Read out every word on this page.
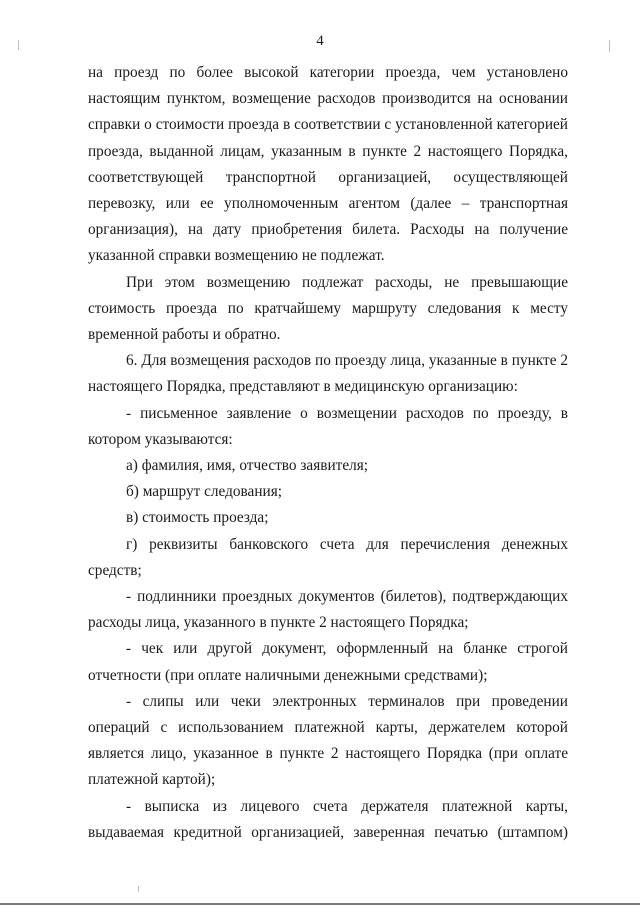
4

на проезд по более высокой категории проезда, чем установлено настоящим пунктом, возмещение расходов производится на основании справки о стоимости проезда в соответствии с установленной категорией проезда, выданной лицам, указанным в пункте 2 настоящего Порядка, соответствующей транспортной организацией, осуществляющей перевозку, или ее уполномоченным агентом (далее – транспортная организация), на дату приобретения билета. Расходы на получение указанной справки возмещению не подлежат.

При этом возмещению подлежат расходы, не превышающие стоимость проезда по кратчайшему маршруту следования к месту временной работы и обратно.

6. Для возмещения расходов по проезду лица, указанные в пункте 2 настоящего Порядка, представляют в медицинскую организацию:

- письменное заявление о возмещении расходов по проезду, в котором указываются:

а) фамилия, имя, отчество заявителя;

б) маршрут следования;

в) стоимость проезда;

г) реквизиты банковского счета для перечисления денежных средств;

- подлинники проездных документов (билетов), подтверждающих расходы лица, указанного в пункте 2 настоящего Порядка;

- чек или другой документ, оформленный на бланке строгой отчетности (при оплате наличными денежными средствами);

- слипы или чеки электронных терминалов при проведении операций с использованием платежной карты, держателем которой является лицо, указанное в пункте 2 настоящего Порядка (при оплате платежной картой);

- выписка из лицевого счета держателя платежной карты, выдаваемая кредитной организацией, заверенная печатью (штампом)
